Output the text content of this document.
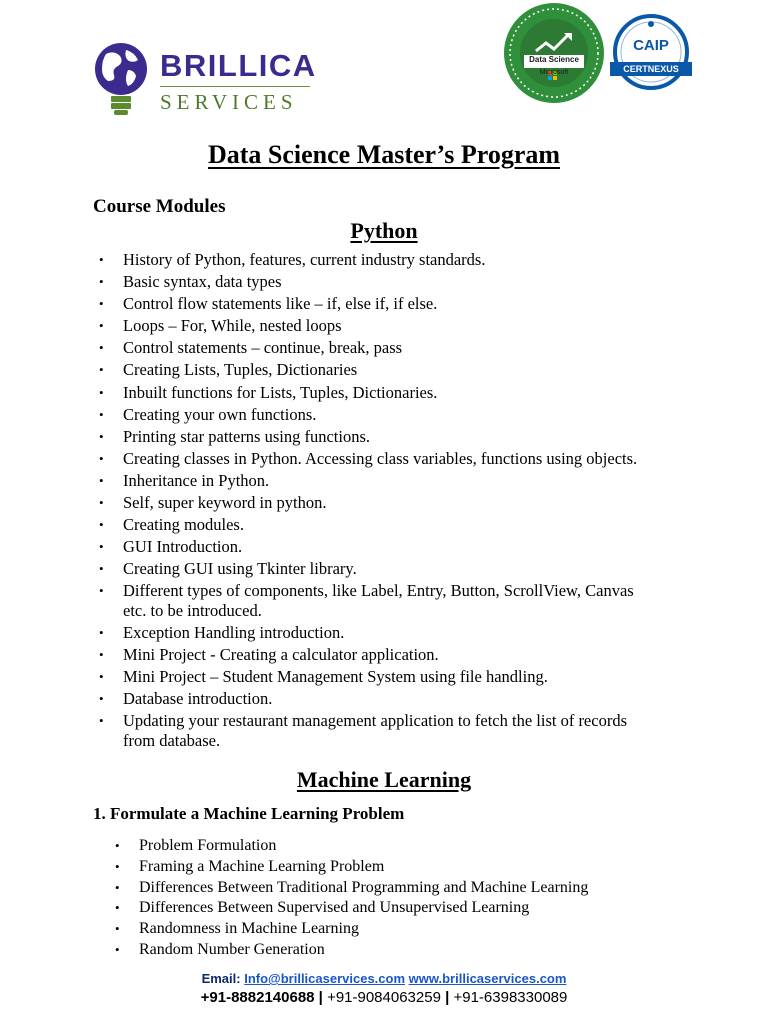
BRILLICA
SERVICES
Data Science
Microsoft
CAIP
CERTNEXUS
Data Science Master’s Program
Course Modules
Python
• History of Python, features, current industry standards.
• Basic syntax, data types
• Control flow statements like – if, else if, if else.
• Loops – For, While, nested loops
• Control statements – continue, break, pass
• Creating Lists, Tuples, Dictionaries
• Inbuilt functions for Lists, Tuples, Dictionaries.
• Creating your own functions.
• Printing star patterns using functions.
• Creating classes in Python. Accessing class variables, functions using objects.
• Inheritance in Python.
• Self, super keyword in python.
• Creating modules.
• GUI Introduction.
• Creating GUI using Tkinter library.
• Different types of components, like Label, Entry, Button, ScrollView, Canvas etc. to be introduced.
• Exception Handling introduction.
• Mini Project - Creating a calculator application.
• Mini Project – Student Management System using file handling.
• Database introduction.
• Updating your restaurant management application to fetch the list of records from database.
Machine Learning
1. Formulate a Machine Learning Problem
• Problem Formulation
• Framing a Machine Learning Problem
• Differences Between Traditional Programming and Machine Learning
• Differences Between Supervised and Unsupervised Learning
• Randomness in Machine Learning
• Random Number Generation
Email: Info@brillicaservices.com www.brillicaservices.com
+91-8882140688 | +91-9084063259 | +91-6398330089
